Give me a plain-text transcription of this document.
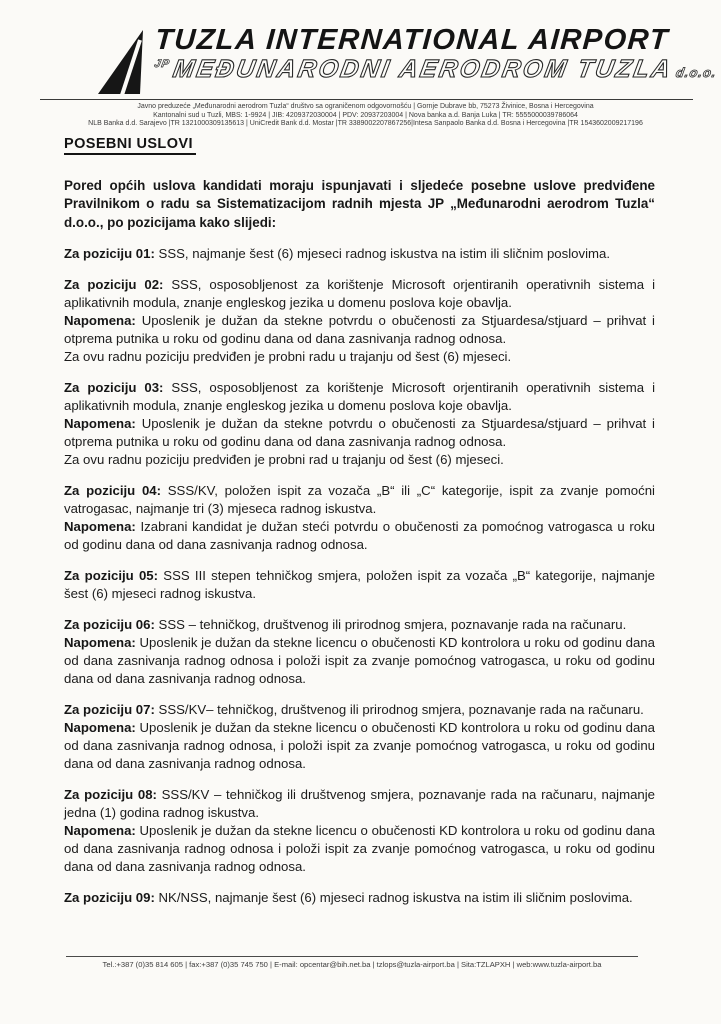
TUZLA INTERNATIONAL AIRPORT
$^{JP}$ MEĐUNARODNI AERODROM TUZLA d.o.o.
Javno preduzeće „Međunarodni aerodrom Tuzla“ društvo sa ograničenom odgovornošću | Gornje Dubrave bb, 75273 Živinice, Bosna i Hercegovina
Kantonalni sud u Tuzli, MBS: 1-9924 | JIB: 4209372030004 | PDV: 20937203004 | Nova banka a.d. Banja Luka | TR: 5555000039786064
NLB Banka d.d. Sarajevo |TR 1321000309135613 | UniCredit Bank d.d. Mostar |TR 3389002207867256|Intesa Sanpaolo Banka d.d. Bosna i Hercegovina |TR 1543602009217196
POSEBNI USLOVI

Pored općih uslova kandidati moraju ispunjavati i sljedeće posebne uslove predviđene Pravilnikom o radu sa Sistematizacijom radnih mjesta JP „Međunarodni aerodrom Tuzla“ d.o.o., po pozicijama kako slijedi:

Za poziciju 01: SSS, najmanje šest (6) mjeseci radnog iskustva na istim ili sličnim poslovima.
Za poziciju 02: SSS, osposobljenost za korištenje Microsoft orjentiranih operativnih sistema i aplikativnih modula, znanje engleskog jezika u domenu poslova koje obavlja.
Napomena: Uposlenik je dužan da stekne potvrdu o obučenosti za Stjuardesa/stjuard – prihvat i otprema putnika u roku od godinu dana od dana zasnivanja radnog odnosa.
Za ovu radnu poziciju predviđen je probni radu u trajanju od šest (6) mjeseci.
Za poziciju 03: SSS, osposobljenost za korištenje Microsoft orjentiranih operativnih sistema i aplikativnih modula, znanje engleskog jezika u domenu poslova koje obavlja.
Napomena: Uposlenik je dužan da stekne potvrdu o obučenosti za Stjuardesa/stjuard – prihvat i otprema putnika u roku od godinu dana od dana zasnivanja radnog odnosa.
Za ovu radnu poziciju predviđen je probni rad u trajanju od šest (6) mjeseci.
Za poziciju 04: SSS/KV, položen ispit za vozača „B“ ili „C“ kategorije, ispit za zvanje pomoćni vatrogasac, najmanje tri (3) mjeseca radnog iskustva.
Napomena: Izabrani kandidat je dužan steći potvrdu o obučenosti za pomoćnog vatrogasca u roku od godinu dana od dana zasnivanja radnog odnosa.
Za poziciju 05: SSS III stepen tehničkog smjera, položen ispit za vozača „B“ kategorije, najmanje šest (6) mjeseci radnog iskustva.
Za poziciju 06: SSS – tehničkog, društvenog ili prirodnog smjera, poznavanje rada na računaru.
Napomena: Uposlenik je dužan da stekne licencu o obučenosti KD kontrolora u roku od godinu dana od dana zasnivanja radnog odnosa i položi ispit za zvanje pomoćnog vatrogasca, u roku od godinu dana od dana zasnivanja radnog odnosa.
Za poziciju 07: SSS/KV– tehničkog, društvenog ili prirodnog smjera, poznavanje rada na računaru.
Napomena: Uposlenik je dužan da stekne licencu o obučenosti KD kontrolora u roku od godinu dana od dana zasnivanja radnog odnosa, i položi ispit za zvanje pomoćnog vatrogasca, u roku od godinu dana od dana zasnivanja radnog odnosa.
Za poziciju 08: SSS/KV – tehničkog ili društvenog smjera, poznavanje rada na računaru, najmanje jedna (1) godina radnog iskustva.
Napomena: Uposlenik je dužan da stekne licencu o obučenosti KD kontrolora u roku od godinu dana od dana zasnivanja radnog odnosa i položi ispit za zvanje pomoćnog vatrogasca, u roku od godinu dana od dana zasnivanja radnog odnosa.
Za poziciju 09: NK/NSS, najmanje šest (6) mjeseci radnog iskustva na istim ili sličnim poslovima.
Tel.:+387 (0)35 814 605 | fax:+387 (0)35 745 750 | E-mail: opcentar@bih.net.ba | tzlops@tuzla-airport.ba | Sita:TZLAPXH | web:www.tuzla-airport.ba
